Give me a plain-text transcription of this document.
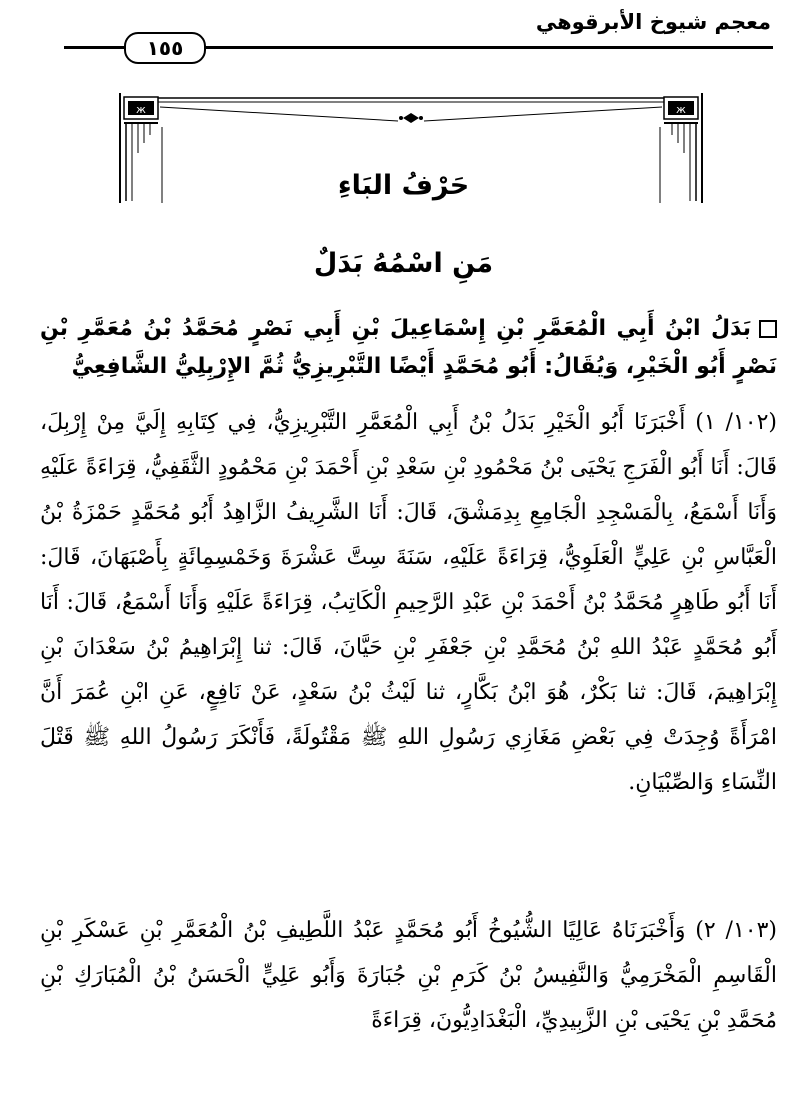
معجم شيوخ الأبرقوهي
١٥٥
ж	ж
حَرْفُ البَاءِ
مَنِ اسْمُهُ بَدَلٌ
بَدَلُ ابْنُ أَبِي الْمُعَمَّرِ بْنِ إِسْمَاعِيلَ بْنِ أَبِي نَصْرٍ مُحَمَّدُ بْنُ مُعَمَّرِ بْنِ نَصْرٍ أَبُو الْخَيْرِ، وَيُقَالُ: أَبُو مُحَمَّدٍ أَيْضًا التَّبْرِيزِيُّ ثُمَّ الإِرْبِلِيُّ الشَّافِعِيُّ
(١٠٢/ ١) أَخْبَرَنَا أَبُو الْخَيْرِ بَدَلُ بْنُ أَبِي الْمُعَمَّرِ التَّبْرِيزِيُّ، فِي كِتَابِهِ إِلَيَّ مِنْ إِرْبِلَ، قَالَ: أَنَا أَبُو الْفَرَجِ يَحْيَى بْنُ مَحْمُودِ بْنِ سَعْدِ بْنِ أَحْمَدَ بْنِ مَحْمُودٍ الثَّقَفِيُّ، قِرَاءَةً عَلَيْهِ وَأَنَا أَسْمَعُ، بِالْمَسْجِدِ الْجَامِعِ بِدِمَشْقَ، قَالَ: أَنَا الشَّرِيفُ الزَّاهِدُ أَبُو مُحَمَّدٍ حَمْزَةُ بْنُ الْعَبَّاسِ بْنِ عَلِيٍّ الْعَلَوِيُّ، قِرَاءَةً عَلَيْهِ، سَنَةَ سِتَّ عَشْرَةَ وَخَمْسِمِائَةٍ بِأَصْبَهَانَ، قَالَ: أَنَا أَبُو طَاهِرٍ مُحَمَّدُ بْنُ أَحْمَدَ بْنِ عَبْدِ الرَّحِيمِ الْكَاتِبُ، قِرَاءَةً عَلَيْهِ وَأَنَا أَسْمَعُ، قَالَ: أَنَا أَبُو مُحَمَّدٍ عَبْدُ اللهِ بْنُ مُحَمَّدِ بْنِ جَعْفَرِ بْنِ حَيَّانَ، قَالَ: ثنا إِبْرَاهِيمُ بْنُ سَعْدَانَ بْنِ إِبْرَاهِيمَ، قَالَ: ثنا بَكْرٌ، هُوَ ابْنُ بَكَّارٍ، ثنا لَيْثُ بْنُ سَعْدٍ، عَنْ نَافِعٍ، عَنِ ابْنِ عُمَرَ أَنَّ امْرَأَةً وُجِدَتْ فِي بَعْضِ مَغَازِي رَسُولِ اللهِ ﷺ مَقْتُولَةً، فَأَنْكَرَ رَسُولُ اللهِ ﷺ قَتْلَ النِّسَاءِ وَالصِّبْيَانِ.
(١٠٣/ ٢) وَأَخْبَرَنَاهُ عَالِيًا الشُّيُوخُ أَبُو مُحَمَّدٍ عَبْدُ اللَّطِيفِ بْنُ الْمُعَمَّرِ بْنِ عَسْكَرِ بْنِ الْقَاسِمِ الْمَخْرَمِيُّ وَالنَّفِيسُ بْنُ كَرَمِ بْنِ جُبَارَةَ وَأَبُو عَلِيٍّ الْحَسَنُ بْنُ الْمُبَارَكِ بْنِ مُحَمَّدِ بْنِ يَحْيَى بْنِ الزَّبِيدِيِّ، الْبَغْدَادِيُّونَ، قِرَاءَةً
